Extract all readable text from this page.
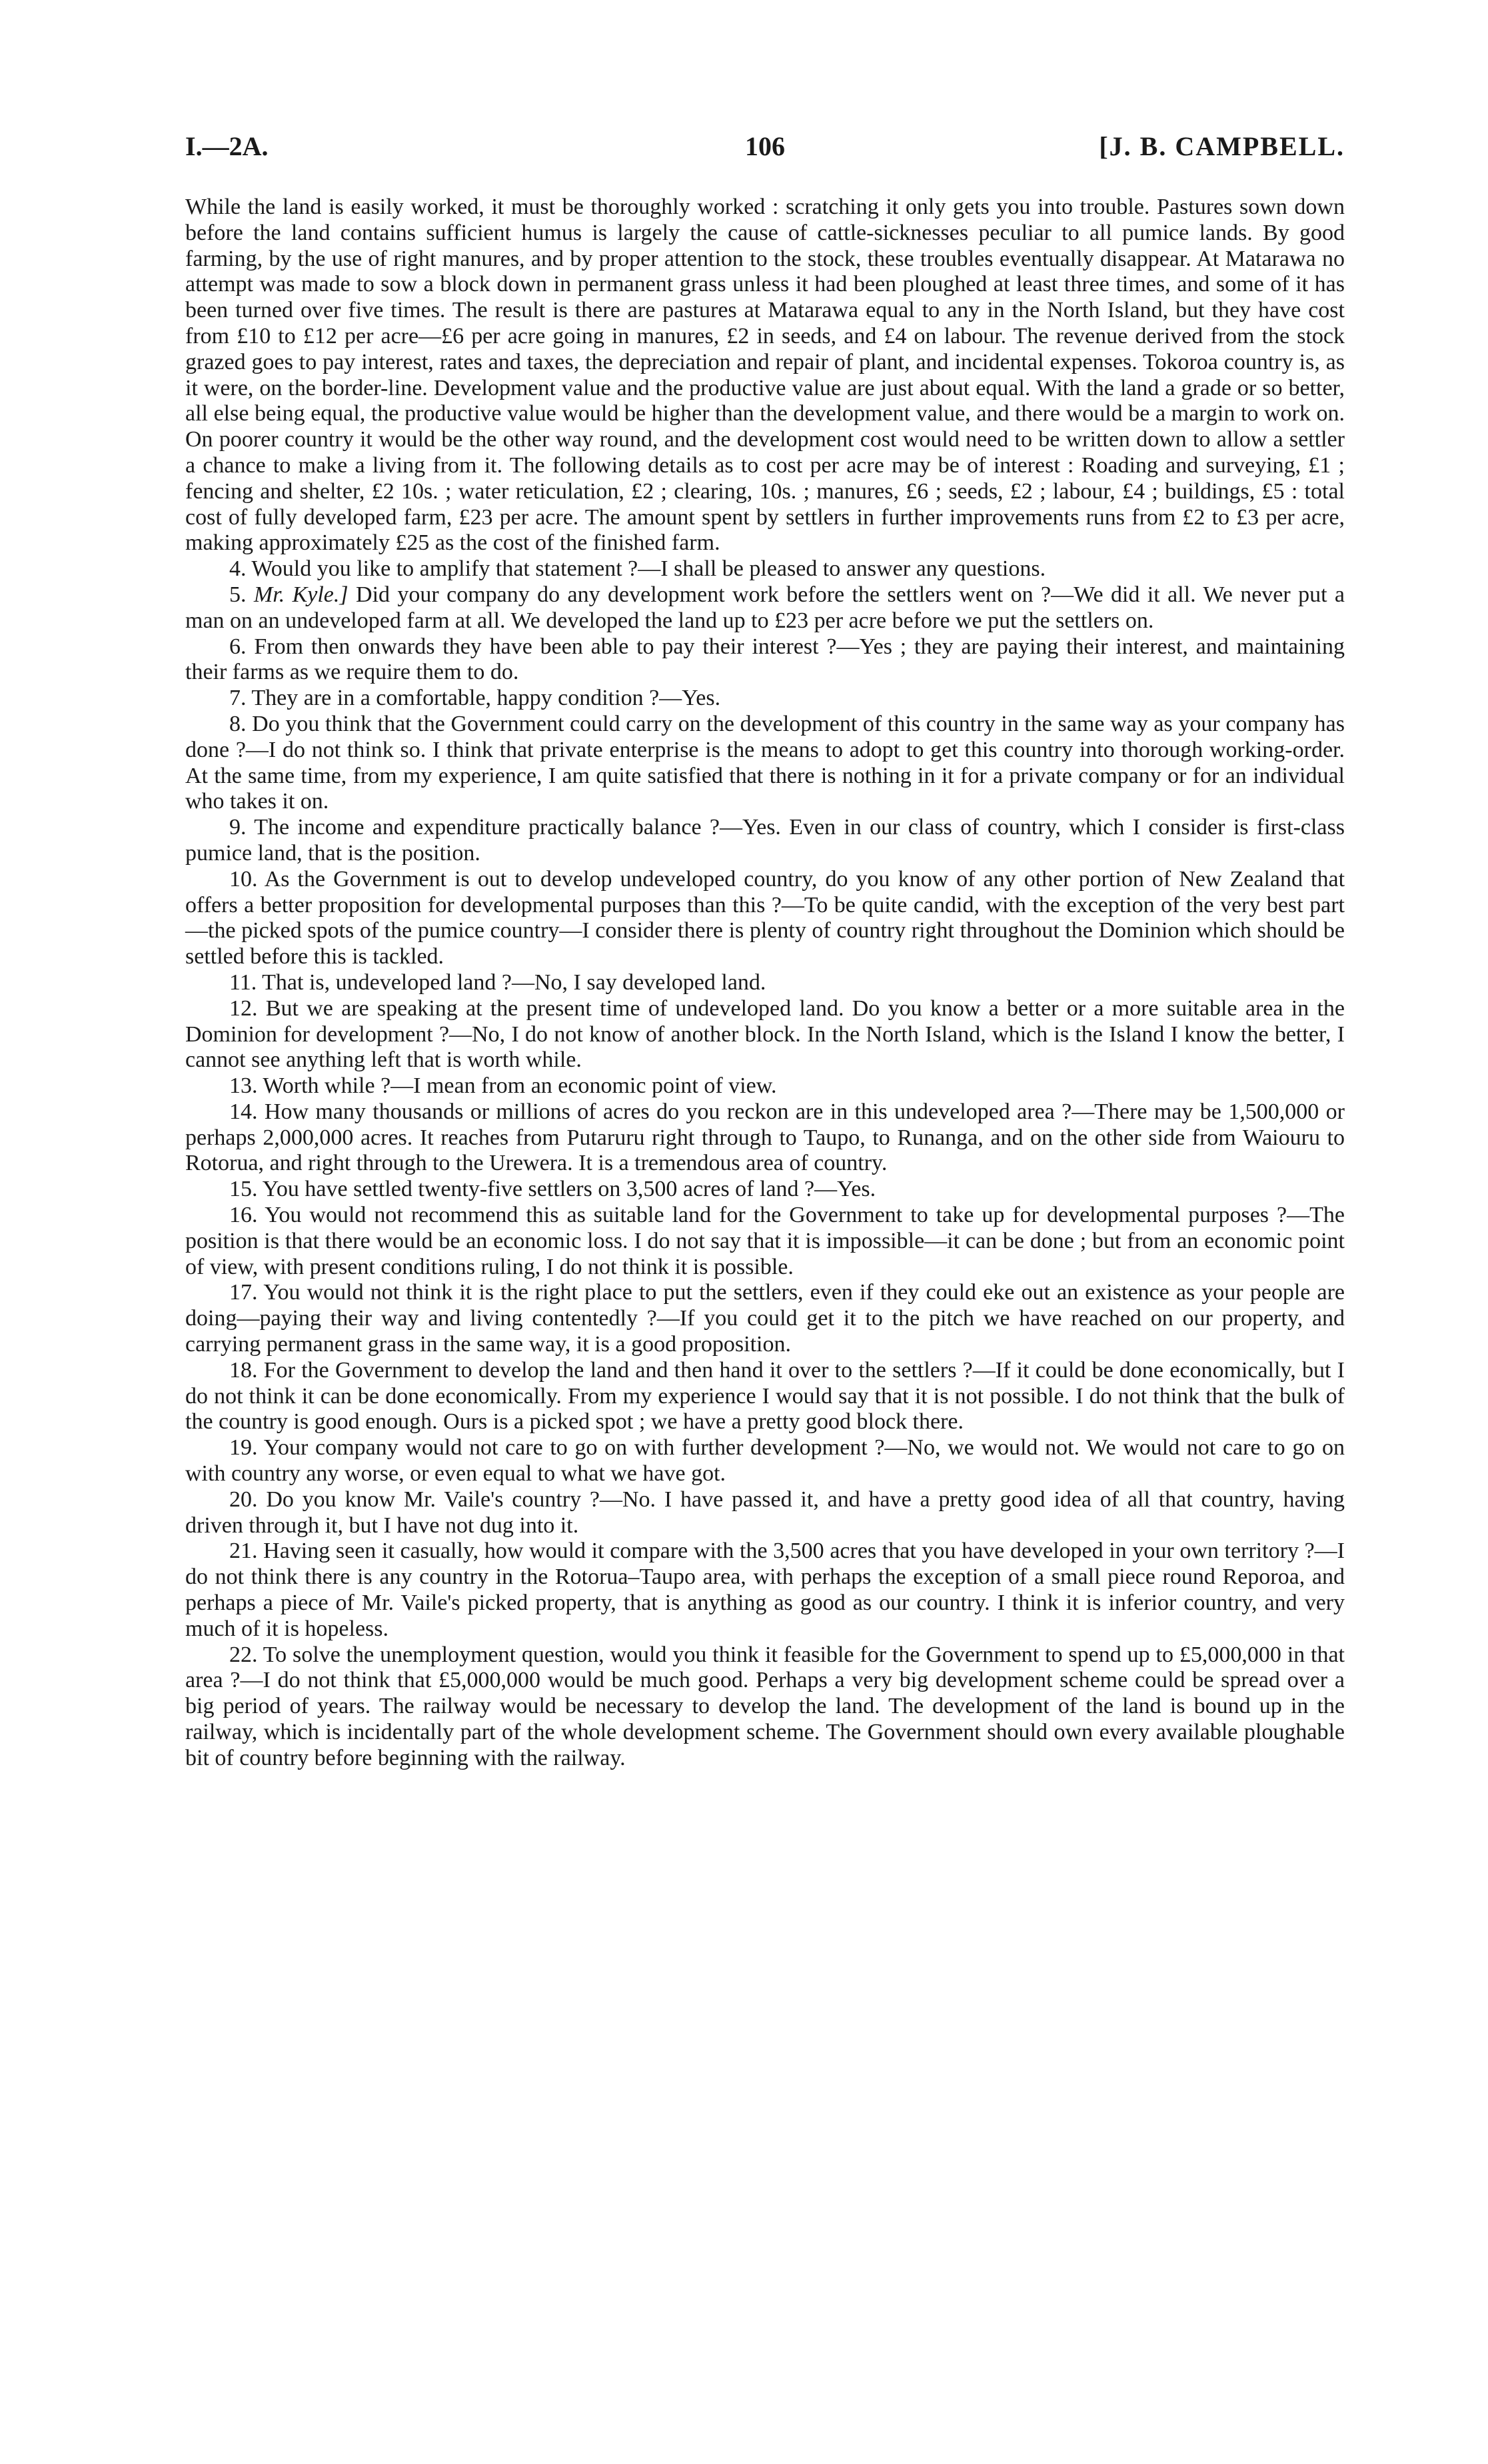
I.—2A.	106	[J. B. CAMPBELL.

While the land is easily worked, it must be thoroughly worked : scratching it only gets you into trouble. Pastures sown down before the land contains sufficient humus is largely the cause of cattle-sicknesses peculiar to all pumice lands. By good farming, by the use of right manures, and by proper attention to the stock, these troubles eventually disappear. At Matarawa no attempt was made to sow a block down in permanent grass unless it had been ploughed at least three times, and some of it has been turned over five times. The result is there are pastures at Matarawa equal to any in the North Island, but they have cost from £10 to £12 per acre—£6 per acre going in manures, £2 in seeds, and £4 on labour. The revenue derived from the stock grazed goes to pay interest, rates and taxes, the depreciation and repair of plant, and incidental expenses. Tokoroa country is, as it were, on the border-line. Development value and the productive value are just about equal. With the land a grade or so better, all else being equal, the productive value would be higher than the development value, and there would be a margin to work on. On poorer country it would be the other way round, and the development cost would need to be written down to allow a settler a chance to make a living from it. The following details as to cost per acre may be of interest : Roading and surveying, £1 ; fencing and shelter, £2 10s. ; water reticulation, £2 ; clearing, 10s. ; manures, £6 ; seeds, £2 ; labour, £4 ; buildings, £5 : total cost of fully developed farm, £23 per acre. The amount spent by settlers in further improvements runs from £2 to £3 per acre, making approximately £25 as the cost of the finished farm.

4. Would you like to amplify that statement ?—I shall be pleased to answer any questions.

5. Mr. Kyle.] Did your company do any development work before the settlers went on ?—We did it all. We never put a man on an undeveloped farm at all. We developed the land up to £23 per acre before we put the settlers on.

6. From then onwards they have been able to pay their interest ?—Yes ; they are paying their interest, and maintaining their farms as we require them to do.

7. They are in a comfortable, happy condition ?—Yes.

8. Do you think that the Government could carry on the development of this country in the same way as your company has done ?—I do not think so. I think that private enterprise is the means to adopt to get this country into thorough working-order. At the same time, from my experience, I am quite satisfied that there is nothing in it for a private company or for an individual who takes it on.

9. The income and expenditure practically balance ?—Yes. Even in our class of country, which I consider is first-class pumice land, that is the position.

10. As the Government is out to develop undeveloped country, do you know of any other portion of New Zealand that offers a better proposition for developmental purposes than this ?—To be quite candid, with the exception of the very best part—the picked spots of the pumice country—I consider there is plenty of country right throughout the Dominion which should be settled before this is tackled.

11. That is, undeveloped land ?—No, I say developed land.

12. But we are speaking at the present time of undeveloped land. Do you know a better or a more suitable area in the Dominion for development ?—No, I do not know of another block. In the North Island, which is the Island I know the better, I cannot see anything left that is worth while.

13. Worth while ?—I mean from an economic point of view.

14. How many thousands or millions of acres do you reckon are in this undeveloped area ?—There may be 1,500,000 or perhaps 2,000,000 acres. It reaches from Putaruru right through to Taupo, to Runanga, and on the other side from Waiouru to Rotorua, and right through to the Urewera. It is a tremendous area of country.

15. You have settled twenty-five settlers on 3,500 acres of land ?—Yes.

16. You would not recommend this as suitable land for the Government to take up for developmental purposes ?—The position is that there would be an economic loss. I do not say that it is impossible—it can be done ; but from an economic point of view, with present conditions ruling, I do not think it is possible.

17. You would not think it is the right place to put the settlers, even if they could eke out an existence as your people are doing—paying their way and living contentedly ?—If you could get it to the pitch we have reached on our property, and carrying permanent grass in the same way, it is a good proposition.

18. For the Government to develop the land and then hand it over to the settlers ?—If it could be done economically, but I do not think it can be done economically. From my experience I would say that it is not possible. I do not think that the bulk of the country is good enough. Ours is a picked spot ; we have a pretty good block there.

19. Your company would not care to go on with further development ?—No, we would not. We would not care to go on with country any worse, or even equal to what we have got.

20. Do you know Mr. Vaile's country ?—No. I have passed it, and have a pretty good idea of all that country, having driven through it, but I have not dug into it.

21. Having seen it casually, how would it compare with the 3,500 acres that you have developed in your own territory ?—I do not think there is any country in the Rotorua–Taupo area, with perhaps the exception of a small piece round Reporoa, and perhaps a piece of Mr. Vaile's picked property, that is anything as good as our country. I think it is inferior country, and very much of it is hopeless.

22. To solve the unemployment question, would you think it feasible for the Government to spend up to £5,000,000 in that area ?—I do not think that £5,000,000 would be much good. Perhaps a very big development scheme could be spread over a big period of years. The railway would be necessary to develop the land. The development of the land is bound up in the railway, which is incidentally part of the whole development scheme. The Government should own every available ploughable bit of country before beginning with the railway.
